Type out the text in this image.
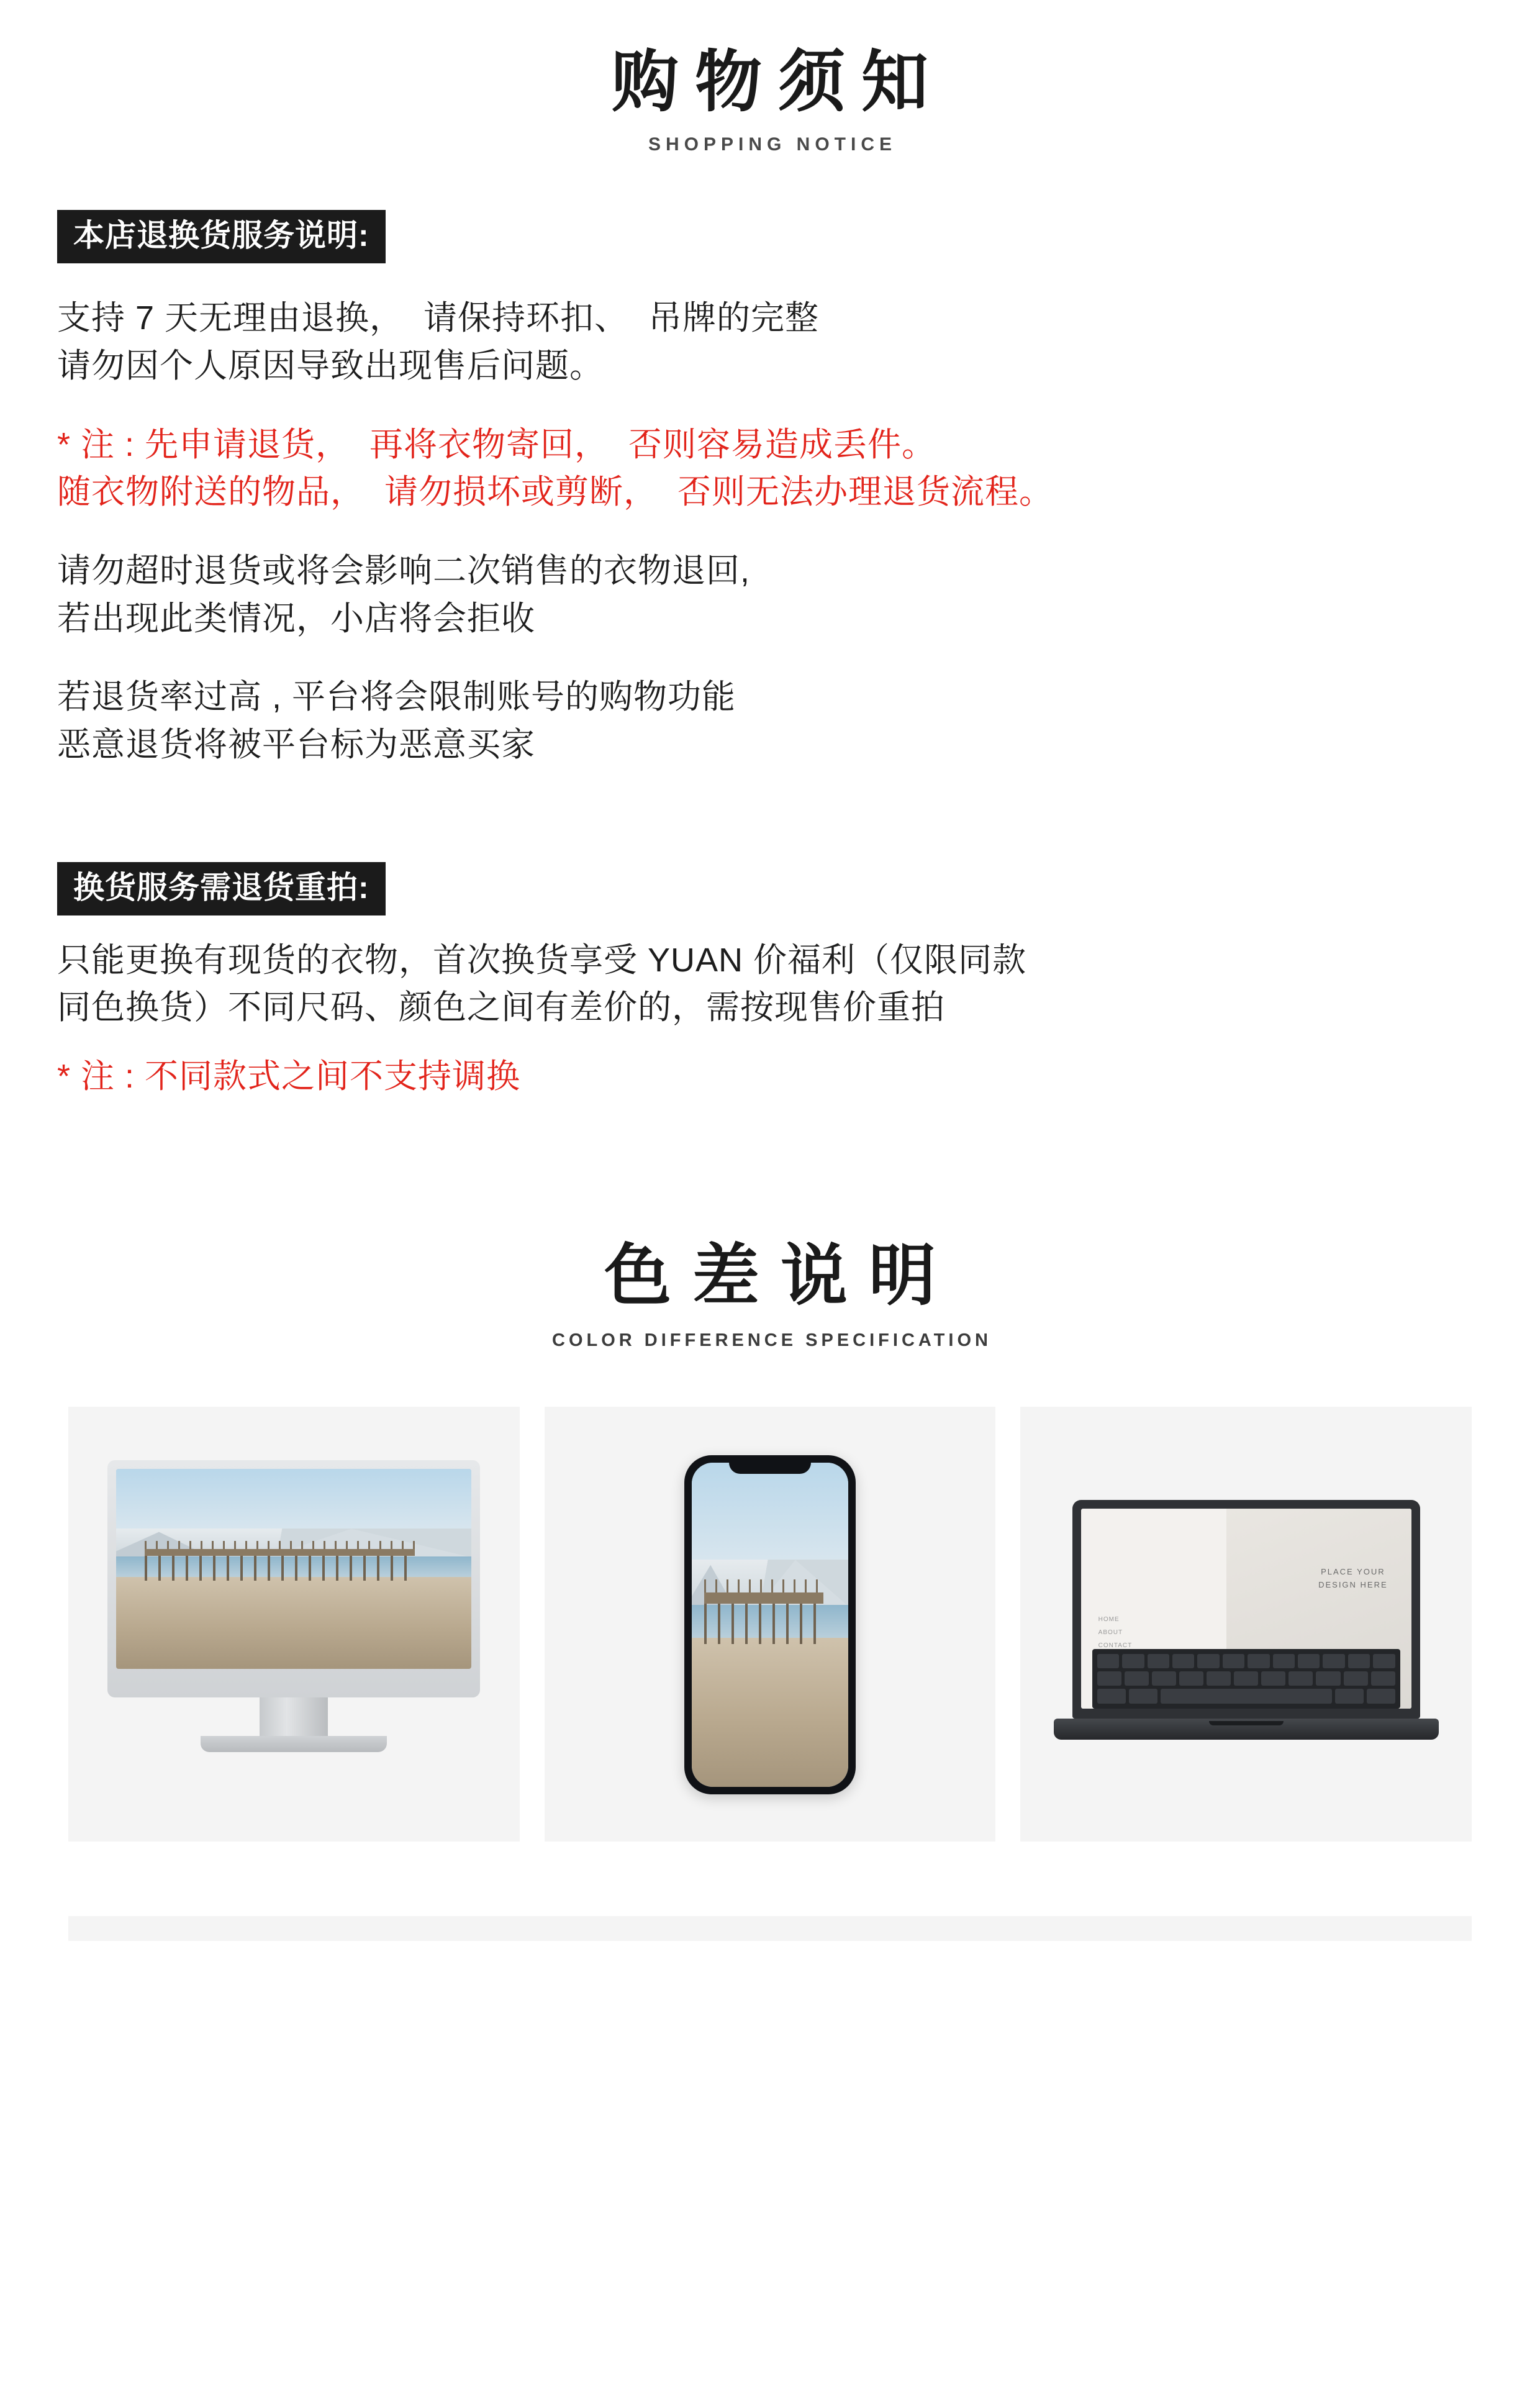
购物须知
SHOPPING NOTICE
本店退换货服务说明:
支持 7 天无理由退换，  请保持环扣、  吊牌的完整
请勿因个人原因导致出现售后问题。
* 注 : 先申请退货，  再将衣物寄回，  否则容易造成丢件。
随衣物附送的物品，  请勿损坏或剪断，  否则无法办理退货流程。
请勿超时退货或将会影响二次销售的衣物退回,
若出现此类情况，小店将会拒收
若退货率过高 , 平台将会限制账号的购物功能
恶意退货将被平台标为恶意买家
换货服务需退货重拍:
只能更换有现货的衣物，首次换货享受 YUAN 价福利（仅限同款
同色换货）不同尺码、颜色之间有差价的，需按现售价重拍
* 注 : 不同款式之间不支持调换
色差说明
COLOR DIFFERENCE SPECIFICATION
PLACE YOUR
DESIGN HERE
HOME
ABOUT
CONTACT
